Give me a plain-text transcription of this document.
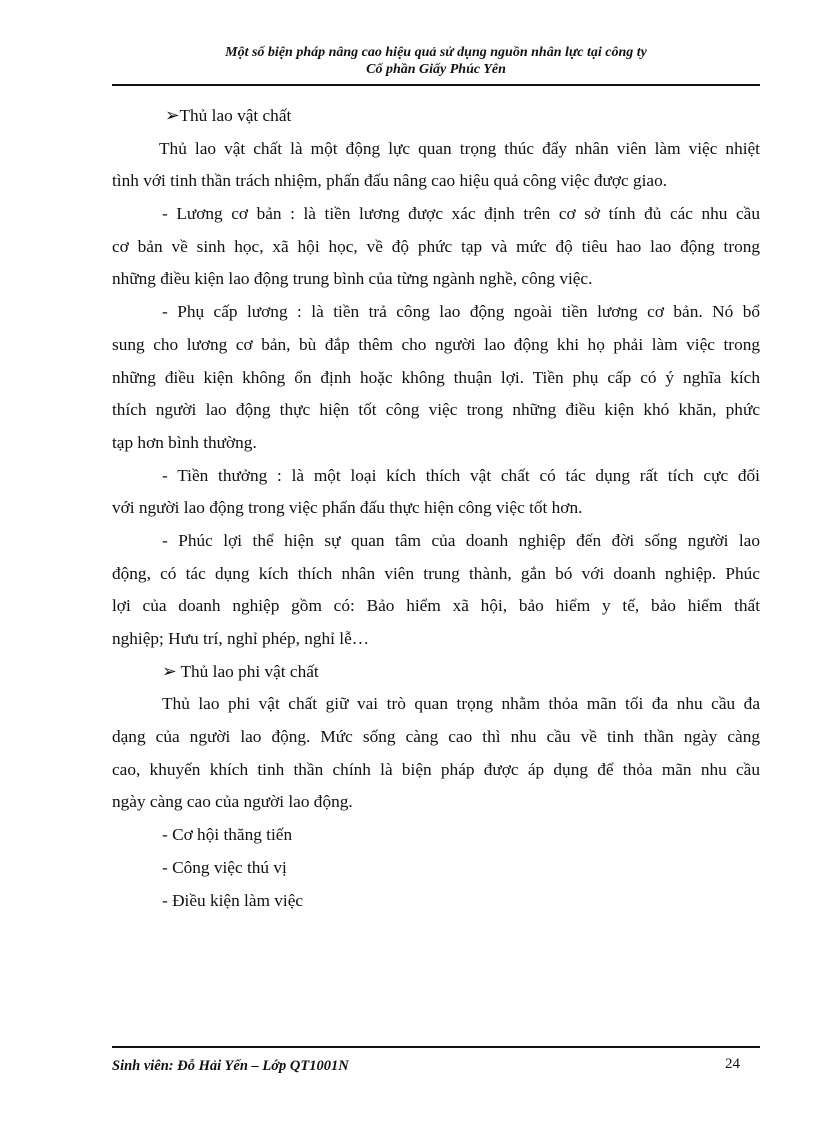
Một số biện pháp nâng cao hiệu quả sử dụng nguồn nhân lực tại công ty
Cổ phần Giấy Phúc Yên
➢Thủ lao vật chất
Thủ lao vật chất là một động lực quan trọng thúc đẩy nhân viên làm việc nhiệt
tình với tinh thần trách nhiệm, phấn đấu nâng cao hiệu quả công việc được giao.
- Lương cơ bản : là tiền lương được xác định trên cơ sở tính đủ các nhu cầu
cơ bản về sinh học, xã hội học, về độ phức tạp và mức độ tiêu hao lao động trong
những điều kiện lao động trung bình của từng ngành nghề, công việc.
- Phụ cấp lương : là tiền trả công lao động ngoài tiền lương cơ bản. Nó bổ
sung cho lương cơ bản, bù đắp thêm cho người lao động khi họ phải làm việc trong
những điều kiện không ổn định hoặc không thuận lợi. Tiền phụ cấp có ý nghĩa kích
thích người lao động thực hiện tốt công việc trong những điều kiện khó khăn, phức
tạp hơn bình thường.
- Tiền thưởng : là một loại kích thích vật chất có tác dụng rất tích cực đối
với người lao động trong việc phấn đấu thực hiện công việc tốt hơn.
- Phúc lợi thể hiện sự quan tâm của doanh nghiệp đến đời sống người lao
động, có tác dụng kích thích nhân viên trung thành, gắn bó với doanh nghiệp. Phúc
lợi của doanh nghiệp gồm có: Bảo hiểm xã hội, bảo hiểm y tế, bảo hiểm thất
nghiệp; Hưu trí, nghỉ phép, nghỉ lễ…
➢ Thủ lao phi vật chất
Thủ lao phi vật chất giữ vai trò quan trọng nhằm thỏa mãn tối đa nhu cầu đa
dạng của người lao động. Mức sống càng cao thì nhu cầu về tinh thần ngày càng
cao, khuyến khích tinh thần chính là biện pháp được áp dụng để thỏa mãn nhu cầu
ngày càng cao của người lao động.
- Cơ hội thăng tiến
- Công việc thú vị
- Điều kiện làm việc
Sinh viên: Đỗ Hải Yến – Lớp QT1001N	24
